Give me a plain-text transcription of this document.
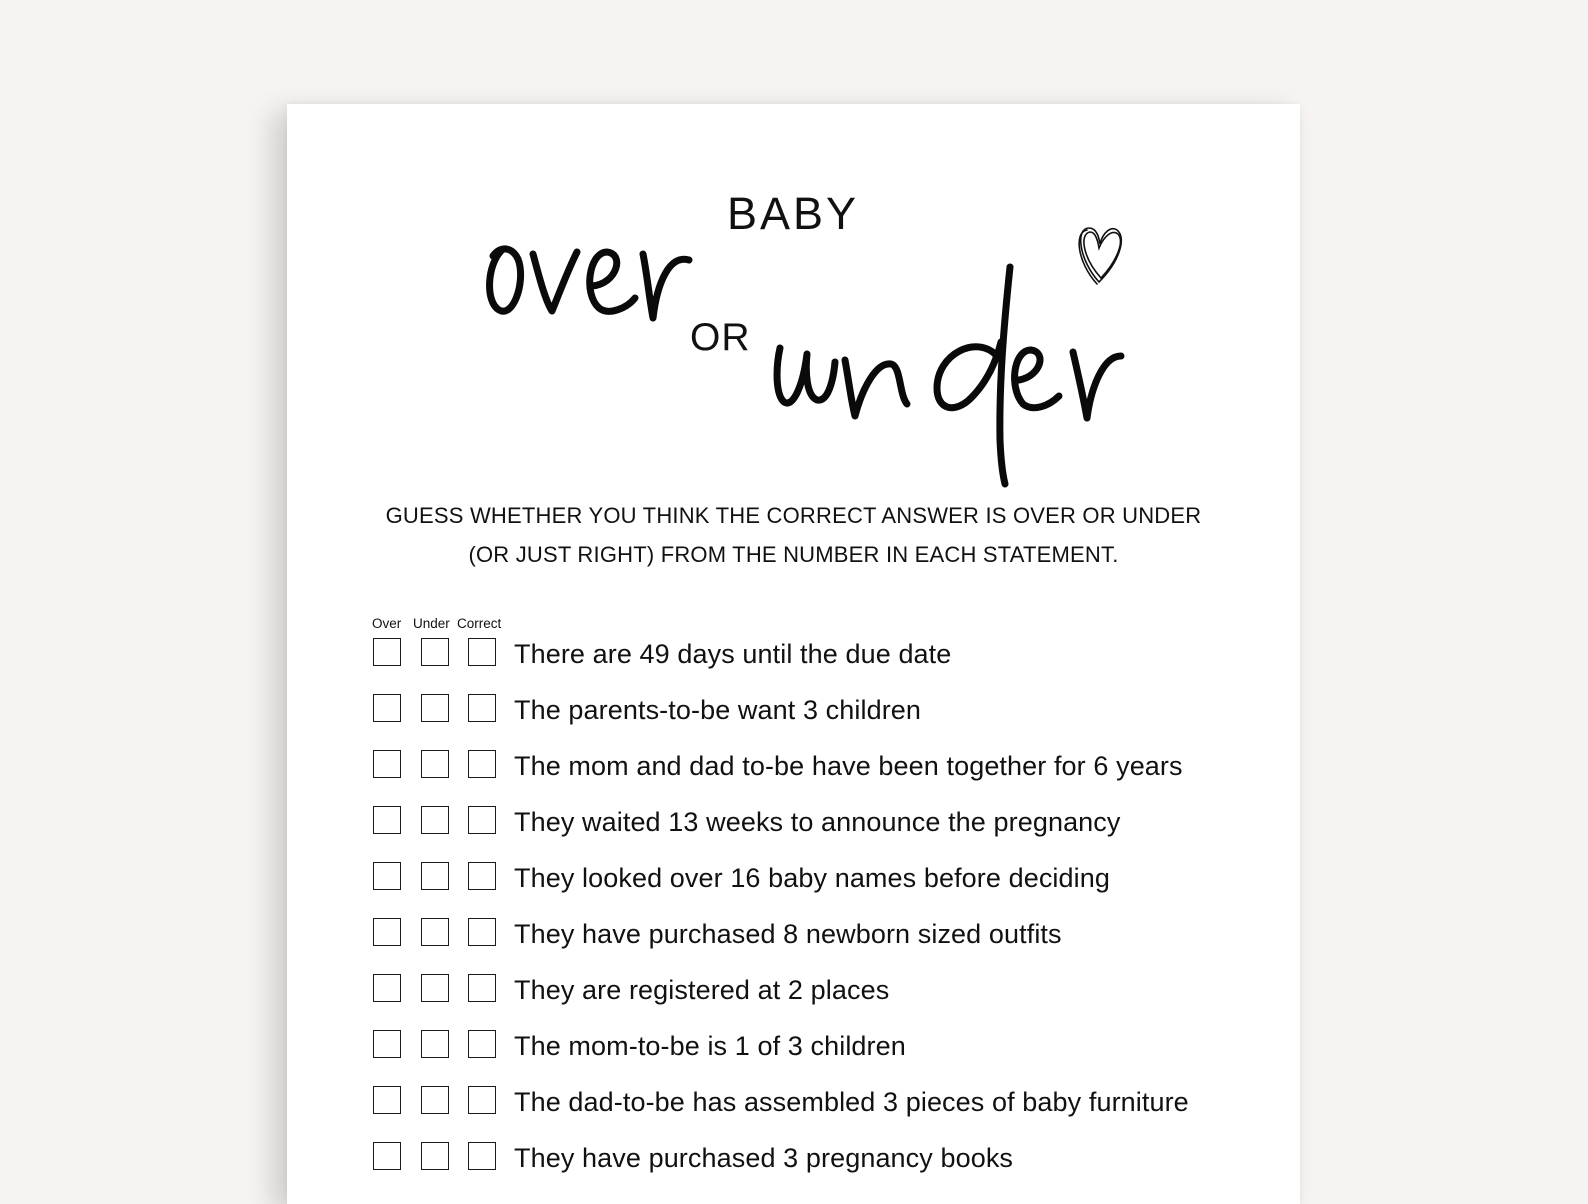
BABY
OR
GUESS WHETHER YOU THINK THE CORRECT ANSWER IS OVER OR UNDER
(OR JUST RIGHT) FROM THE NUMBER IN EACH STATEMENT.
Over Under Correct
There are 49 days until the due date
The parents-to-be want 3 children
The mom and dad to-be have been together for 6 years
They waited 13 weeks to announce the pregnancy
They looked over 16 baby names before deciding
They have purchased 8 newborn sized outfits
They are registered at 2 places
The mom-to-be is 1 of 3 children
The dad-to-be has assembled 3 pieces of baby furniture
They have purchased 3 pregnancy books
